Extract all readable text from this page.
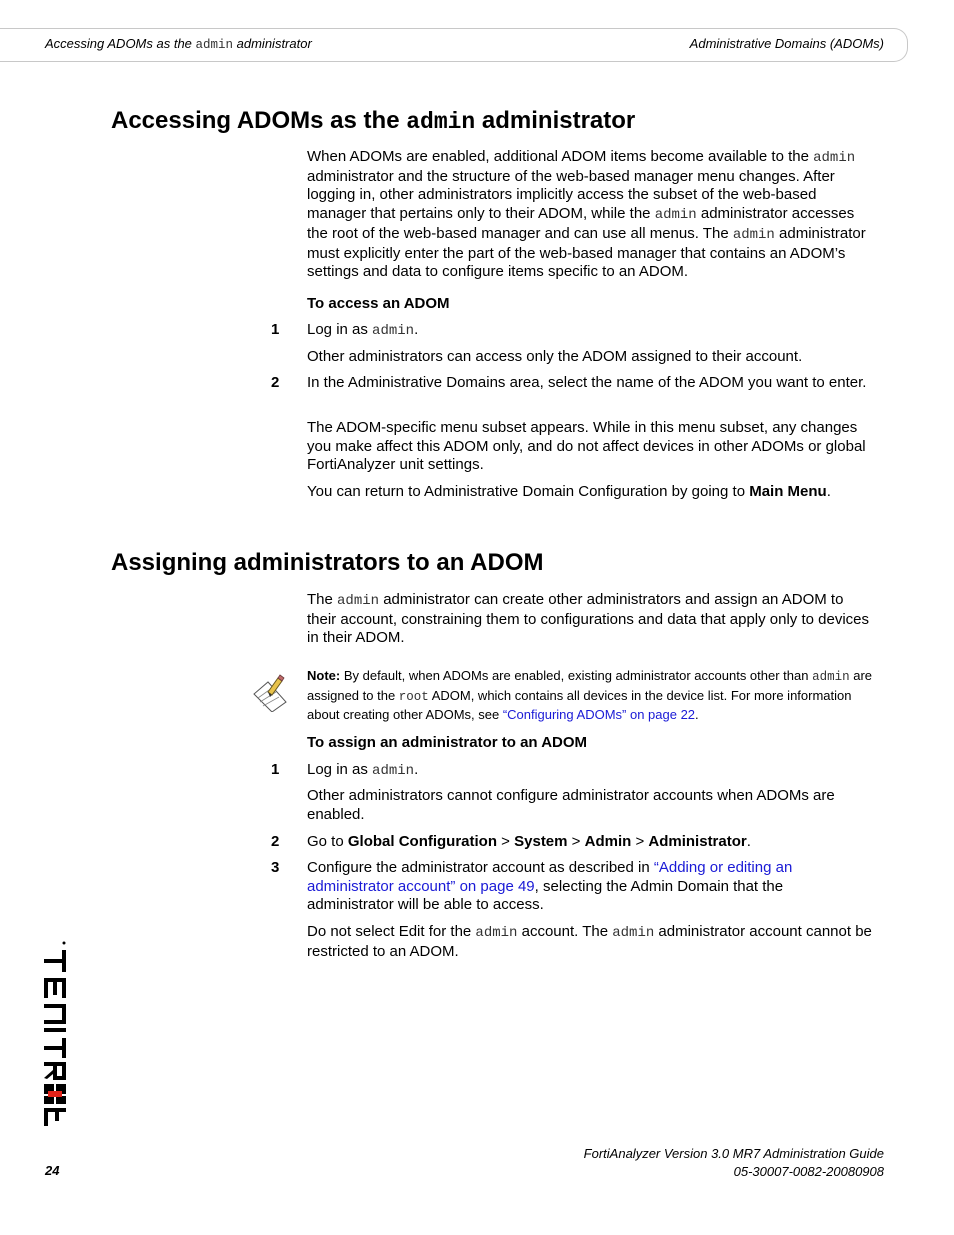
Accessing ADOMs as the admin administrator	Administrative Domains (ADOMs)
Accessing ADOMs as the admin administrator

When ADOMs are enabled, additional ADOM items become available to the admin administrator and the structure of the web-based manager menu changes. After logging in, other administrators implicitly access the subset of the web-based manager that pertains only to their ADOM, while the admin administrator accesses the root of the web-based manager and can use all menus. The admin administrator must explicitly enter the part of the web-based manager that contains an ADOM’s settings and data to configure items specific to an ADOM.

To access an ADOM
1 Log in as admin.

Other administrators can access only the ADOM assigned to their account.

2 In the Administrative Domains area, select the name of the ADOM you want to enter.

The ADOM-specific menu subset appears. While in this menu subset, any changes you make affect this ADOM only, and do not affect devices in other ADOMs or global FortiAnalyzer unit settings.

You can return to Administrative Domain Configuration by going to Main Menu.

Assigning administrators to an ADOM

The admin administrator can create other administrators and assign an ADOM to their account, constraining them to configurations and data that apply only to devices in their ADOM.

Note: By default, when ADOMs are enabled, existing administrator accounts other than admin are assigned to the root ADOM, which contains all devices in the device list. For more information about creating other ADOMs, see “Configuring ADOMs” on page 22.
To assign an administrator to an ADOM
1 Log in as admin.

Other administrators cannot configure administrator accounts when ADOMs are enabled.

2 Go to Global Configuration > System > Admin > Administrator.

3 Configure the administrator account as described in “Adding or editing an administrator account” on page 49, selecting the Admin Domain that the administrator will be able to access.

Do not select Edit for the admin account. The admin administrator account cannot be restricted to an ADOM.

24
FortiAnalyzer Version 3.0 MR7 Administration Guide
05-30007-0082-20080908
